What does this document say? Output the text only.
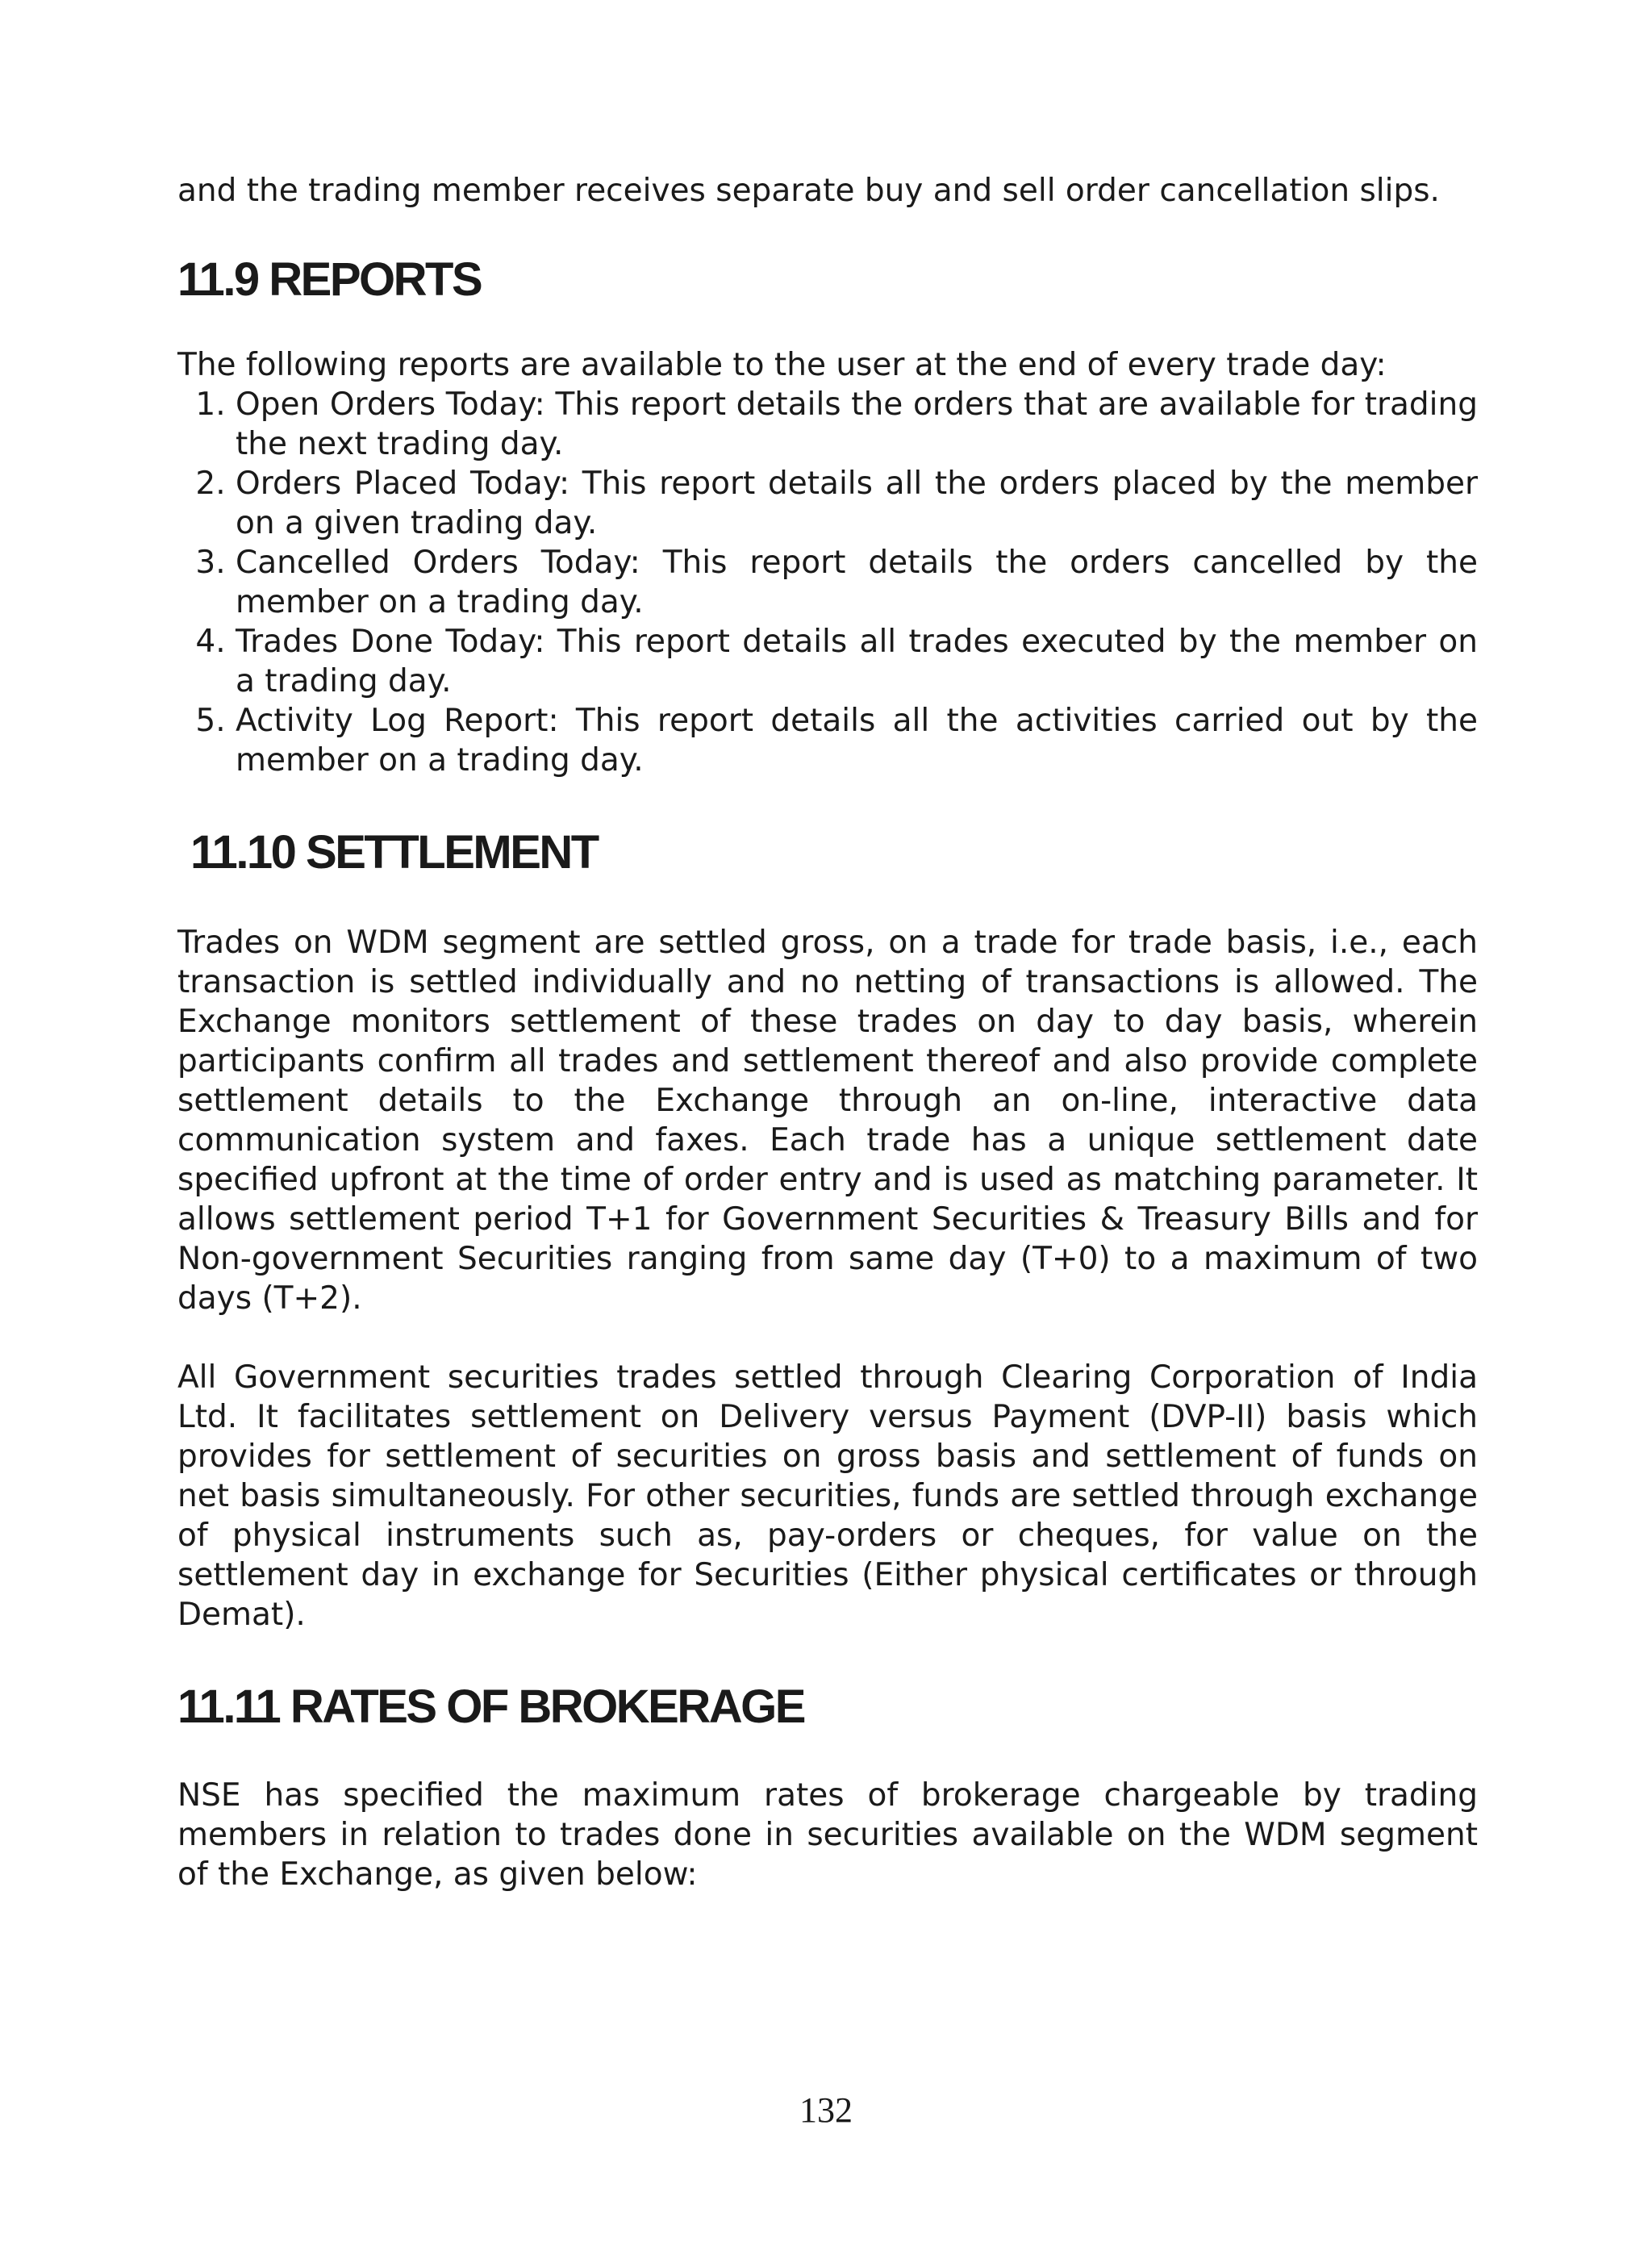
and the trading member receives separate buy and sell order cancellation slips.

11.9 REPORTS

The following reports are available to the user at the end of every trade day:

1. Open Orders Today: This report details the orders that are available for trading the next trading day.
2. Orders Placed Today: This report details all the orders placed by the member on a given trading day.
3. Cancelled Orders Today: This report details the orders cancelled by the member on a trading day.
4. Trades Done Today: This report details all trades executed by the member on a trading day.
5. Activity Log Report: This report details all the activities carried out by the member on a trading day.
11.10 SETTLEMENT

Trades on WDM segment are settled gross, on a trade for trade basis, i.e., each transaction is settled individually and no netting of transactions is allowed. The Exchange monitors settlement of these trades on day to day basis, wherein participants confirm all trades and settlement thereof and also provide complete settlement details to the Exchange through an on-line, interactive data communication system and faxes. Each trade has a unique settlement date specified upfront at the time of order entry and is used as matching parameter. It allows settlement period T+1 for Government Securities & Treasury Bills and for Non-government Securities ranging from same day (T+0) to a maximum of two days (T+2).

All Government securities trades settled through Clearing Corporation of India Ltd. It facilitates settlement on Delivery versus Payment (DVP-II) basis which provides for settlement of securities on gross basis and settlement of funds on net basis simultaneously. For other securities, funds are settled through exchange of physical instruments such as, pay-orders or cheques, for value on the settlement day in exchange for Securities (Either physical certificates or through Demat).

11.11 RATES OF BROKERAGE

NSE has specified the maximum rates of brokerage chargeable by trading members in relation to trades done in securities available on the WDM segment of the Exchange, as given below:

132
